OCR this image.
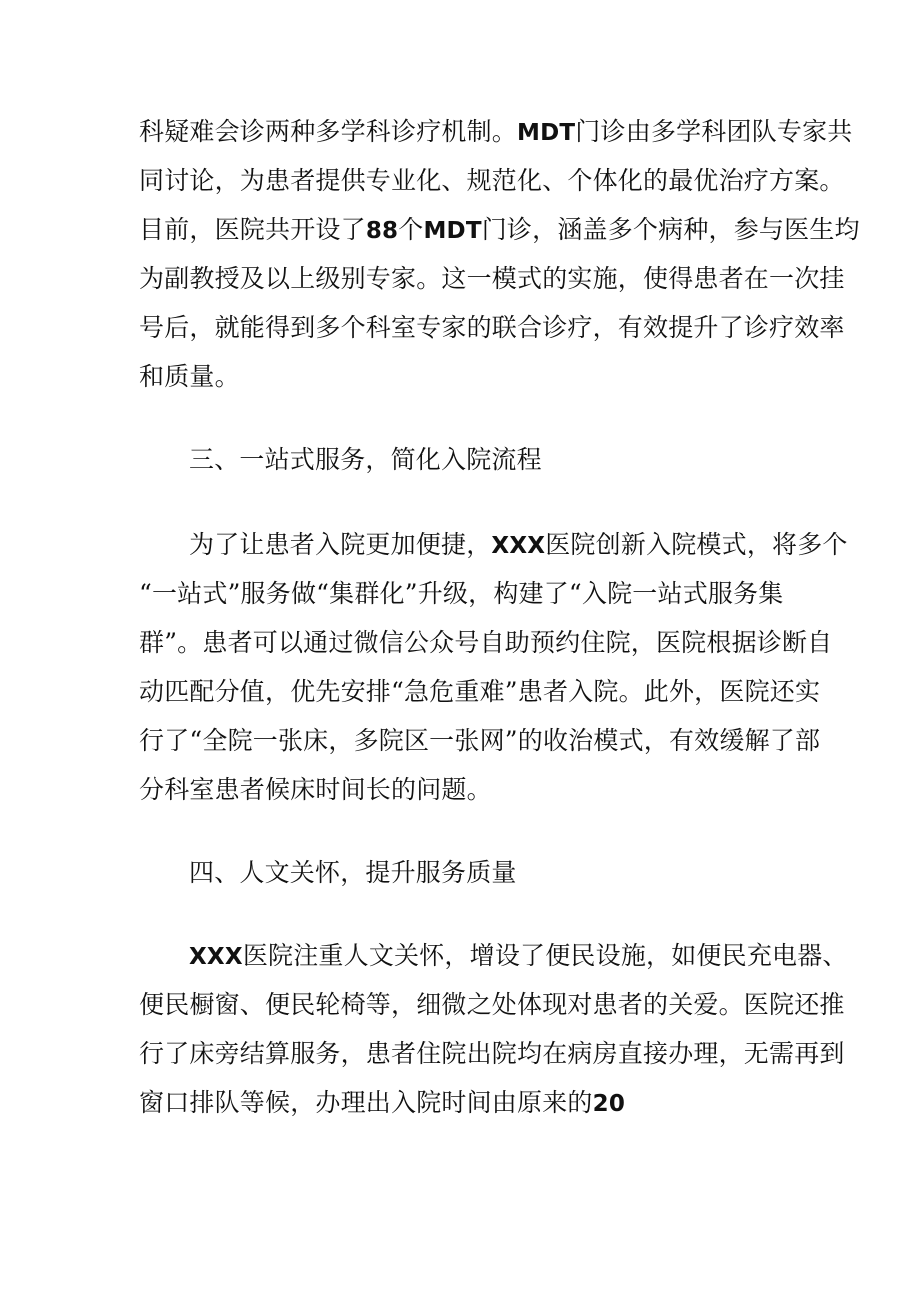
科疑难会诊两种多学科诊疗机制。MDT门诊由多学科团队专家共
同讨论，为患者提供专业化、规范化、个体化的最优治疗方案。
目前，医院共开设了88个MDT门诊，涵盖多个病种，参与医生均
为副教授及以上级别专家。这一模式的实施，使得患者在一次挂
号后，就能得到多个科室专家的联合诊疗，有效提升了诊疗效率
和质量。
三、一站式服务，简化入院流程
为了让患者入院更加便捷，XXX医院创新入院模式，将多个
“一站式”服务做“集群化”升级，构建了“入院一站式服务集
群”。患者可以通过微信公众号自助预约住院，医院根据诊断自
动匹配分值，优先安排“急危重难”患者入院。此外，医院还实
行了“全院一张床，多院区一张网”的收治模式，有效缓解了部
分科室患者候床时间长的问题。
四、人文关怀，提升服务质量
XXX医院注重人文关怀，增设了便民设施，如便民充电器、
便民橱窗、便民轮椅等，细微之处体现对患者的关爱。医院还推
行了床旁结算服务，患者住院出院均在病房直接办理，无需再到
窗口排队等候，办理出入院时间由原来的20
